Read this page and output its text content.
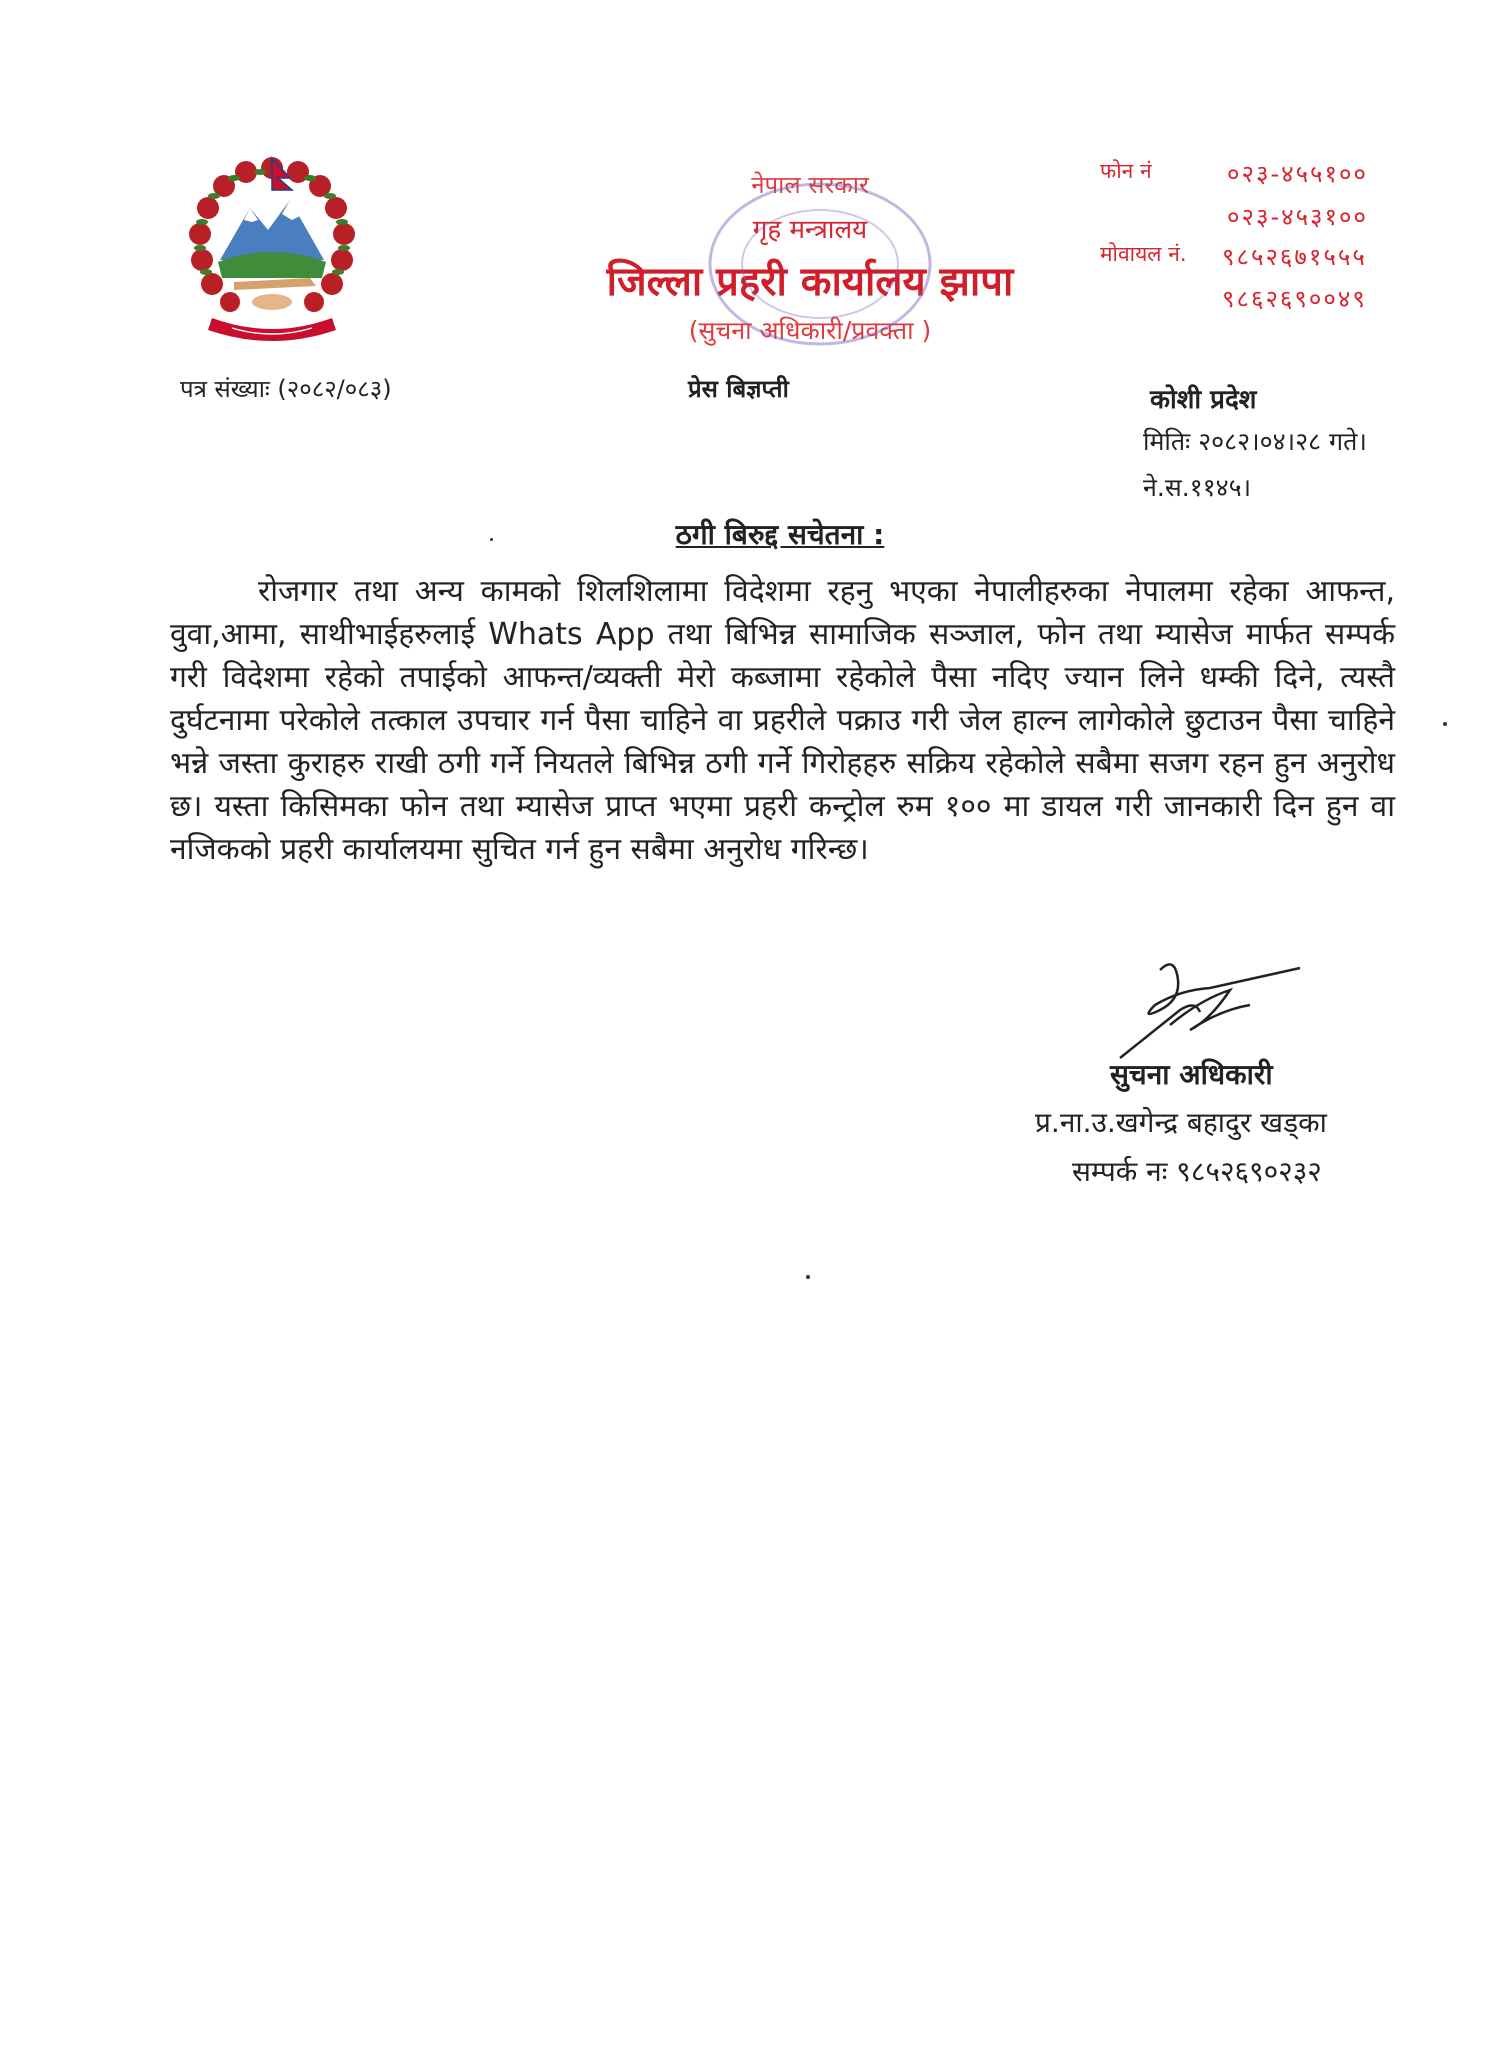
नेपाल सरकार
गृह मन्त्रालय
जिल्ला प्रहरी कार्यालय झापा
(सुचना अधिकारी/प्रवक्ता )
फोन नं	०२३-४५५१००
०२३-४५३१००
मोवायल नं. ९८५२६७१५५५
९८६२६९००४९
पत्र संख्याः (२०८२/०८३)	प्रेस बिज्ञप्ती	कोशी प्रदेश
मितिः २०८२।०४।२८ गते।
ने.स.११४५।
ठगी बिरुद्द सचेतना :

रोजगार तथा अन्य कामको शिलशिलामा विदेशमा रहनु भएका नेपालीहरुका नेपालमा रहेका आफन्त, वुवा,आमा, साथीभाईहरुलाई Whats App तथा बिभिन्न सामाजिक सञ्जाल, फोन तथा म्यासेज मार्फत सम्पर्क गरी विदेशमा रहेको तपाईको आफन्त/व्यक्ती मेरो कब्जामा रहेकोले पैसा नदिए ज्यान लिने धम्की दिने, त्यस्तै दुर्घटनामा परेकोले तत्काल उपचार गर्न पैसा चाहिने वा प्रहरीले पक्राउ गरी जेल हाल्न लागेकोले छुटाउन पैसा चाहिने भन्ने जस्ता कुराहरु राखी ठगी गर्ने नियतले बिभिन्न ठगी गर्ने गिरोहहरु सक्रिय रहेकोले सबैमा सजग रहन हुन अनुरोध छ। यस्ता किसिमका फोन तथा म्यासेज प्राप्त भएमा प्रहरी कन्ट्रोल रुम १०० मा डायल गरी जानकारी दिन हुन वा नजिकको प्रहरी कार्यालयमा सुचित गर्न हुन सबैमा अनुरोध गरिन्छ।

सुचना अधिकारी
प्र.ना.उ.खगेन्द्र बहादुर खड्का
सम्पर्क नः ९८५२६९०२३२
